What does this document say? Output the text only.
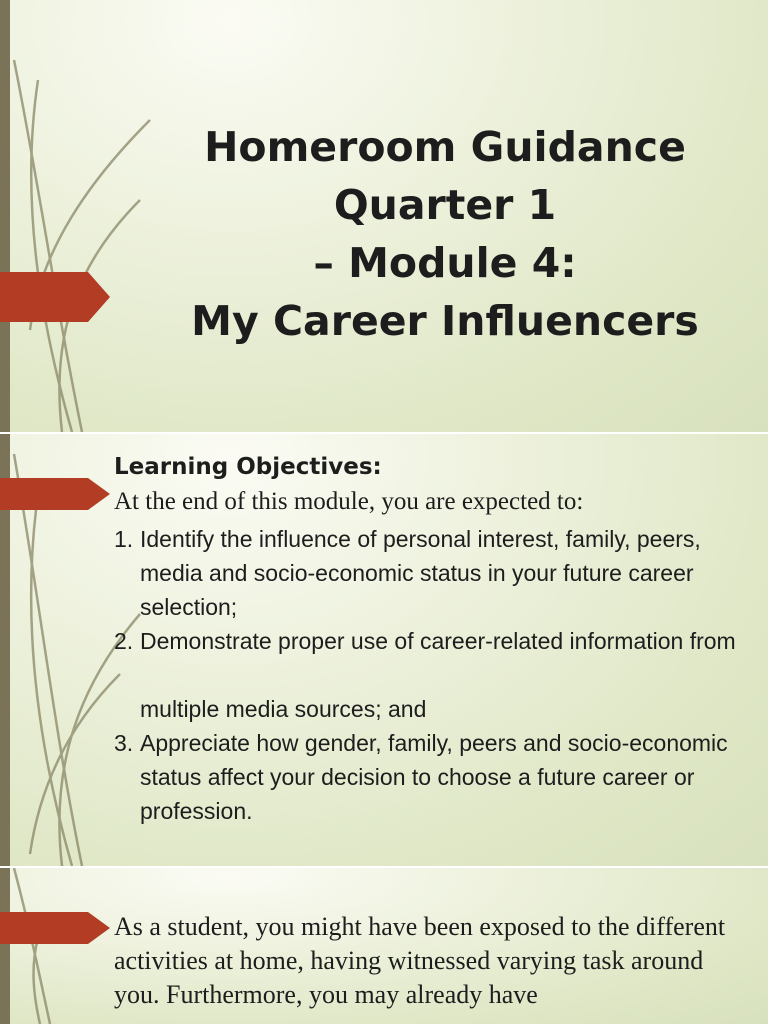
Homeroom Guidance
Quarter 1
– Module 4:
My Career Influencers
Learning Objectives:
At the end of this module, you are expected to:
1. Identify the influence of personal interest, family, peers, media and socio-economic status in your future career selection;
2. Demonstrate proper use of career-related information from

multiple media sources; and
3. Appreciate how gender, family, peers and socio-economic status affect your decision to choose a future career or profession.
As a student, you might have been exposed to the different activities at home, having witnessed varying task around you. Furthermore, you may already have
